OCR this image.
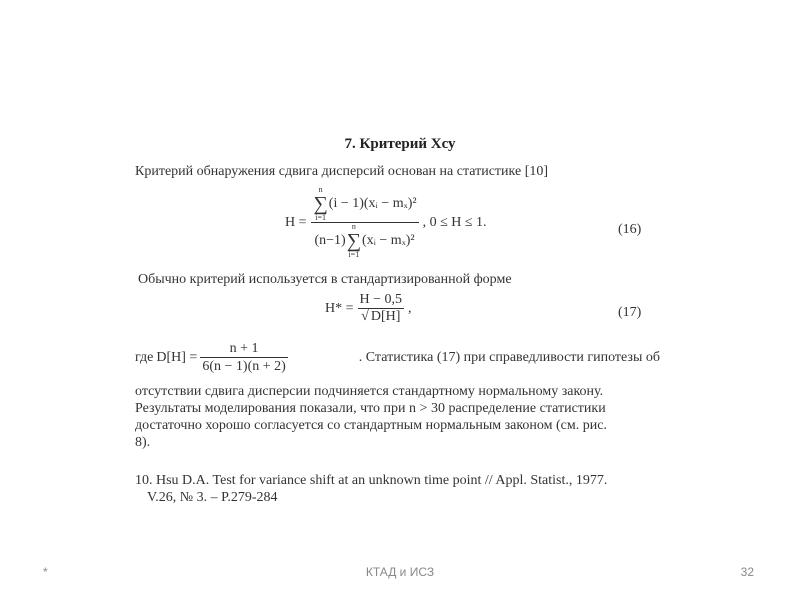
7. Критерий Хсу
Критерий обнаружения сдвига дисперсий основан на статистике [10]
H =
n
∑
i=1
(i − 1)(xᵢ − mₓ)²
(n−1)
n
∑
i=1
(xᵢ − mₓ)²
, 0 ≤ H ≤ 1.	(16)
Обычно критерий используется в стандартизированной форме
$H* = \frac{H - 0,5}{√ D[H]}$ ,	(17)
где $D[H] = \frac{n + 1}{6(n - 1)(n + 2)}$	. Статистика (17) при справедливости гипотезы об
отсутствии сдвига дисперсии подчиняется стандартному нормальному закону.
Результаты моделирования показали, что при n > 30 распределение статистики
достаточно хорошо согласуется со стандартным нормальным законом (см. рис.
8).
10. Hsu D.A. Test for variance shift at an unknown time point // Appl. Statist., 1977.
V.26, № 3. – P.279-284
*	КТАД и ИСЗ	32
